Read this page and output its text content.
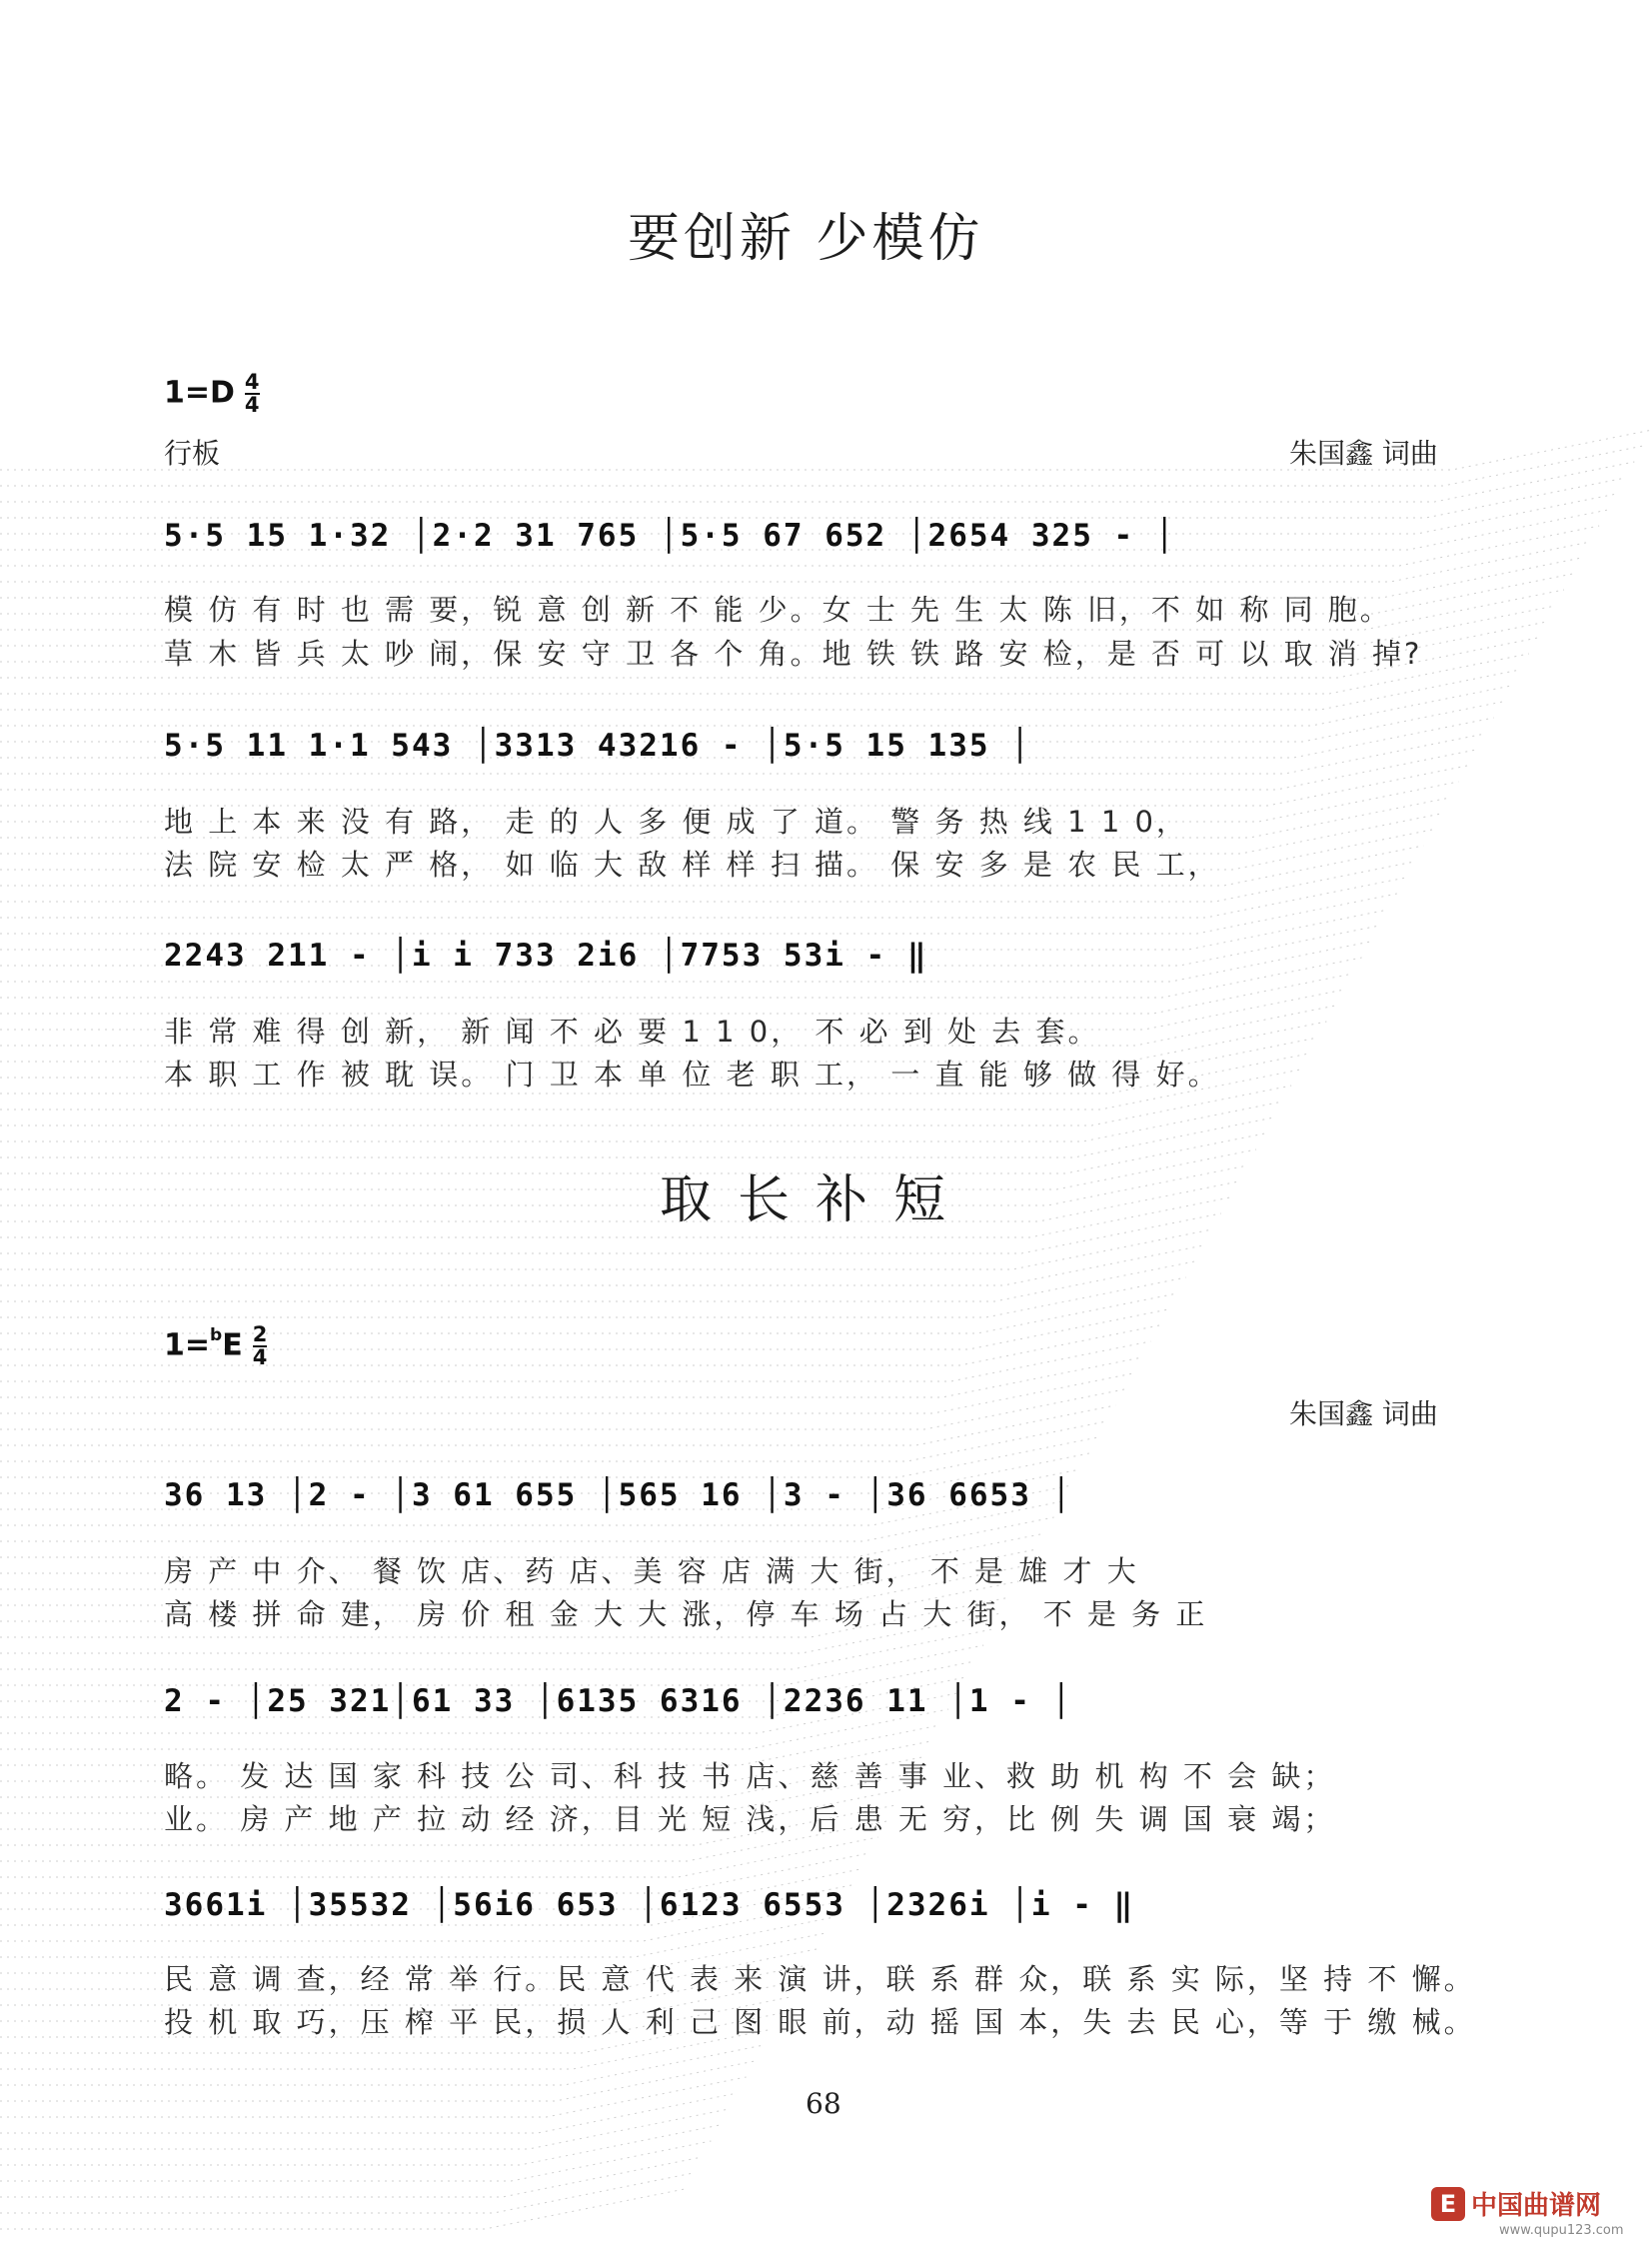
要创新 少模仿
$1=D \frac{4}{4}$
行板	朱国鑫 词曲
5·5 15 1·32 │2·2 31 765 │5·5 67 652 │2654 325 - │
模 仿 有 时 也 需 要，锐 意 创 新 不 能 少。女 士 先 生 太 陈 旧，不 如 称 同 胞。
草 木 皆 兵 太 吵 闹，保 安 守 卫 各 个 角。地 铁 铁 路 安 检，是 否 可 以 取 消 掉?
5·5 11 1·1 543 │3313 43216 - │5·5 15 135 │
地 上 本 来 没 有 路， 走 的 人 多 便 成 了 道。 警 务 热 线 1 1 0，
法 院 安 检 太 严 格， 如 临 大 敌 样 样 扫 描。 保 安 多 是 农 民 工，
2243 211 - │i i 733 2i6 │7753 53i - ‖
非 常 难 得 创 新， 新 闻 不 必 要 1 1 0， 不 必 到 处 去 套。
本 职 工 作 被 耽 误。 门 卫 本 单 位 老 职 工， 一 直 能 够 做 得 好。
取长补短
$1=^bE \frac{2}{4}$
朱国鑫 词曲
36 13 │2 - │3 61 655 │565 16 │3 - │36 6653 │
房 产 中 介、 餐 饮 店、药 店、美 容 店 满 大 街， 不 是 雄 才 大
高 楼 拼 命 建， 房 价 租 金 大 大 涨，停 车 场 占 大 街， 不 是 务 正
2 - │25 321│61 33 │6135 6316 │2236 11 │1 - │
略。 发 达 国 家 科 技 公 司、科 技 书 店、慈 善 事 业、救 助 机 构 不 会 缺；
业。 房 产 地 产 拉 动 经 济，目 光 短 浅，后 患 无 穷，比 例 失 调 国 衰 竭；
3661i │35532 │56i6 653 │6123 6553 │2326i │i - ‖
民 意 调 查，经 常 举 行。民 意 代 表 来 演 讲，联 系 群 众，联 系 实 际，坚 持 不 懈。
投 机 取 巧，压 榨 平 民，损 人 利 己 图 眼 前，动 摇 国 本，失 去 民 心，等 于 缴 械。
68
E 中国曲谱网
www.qupu123.com
